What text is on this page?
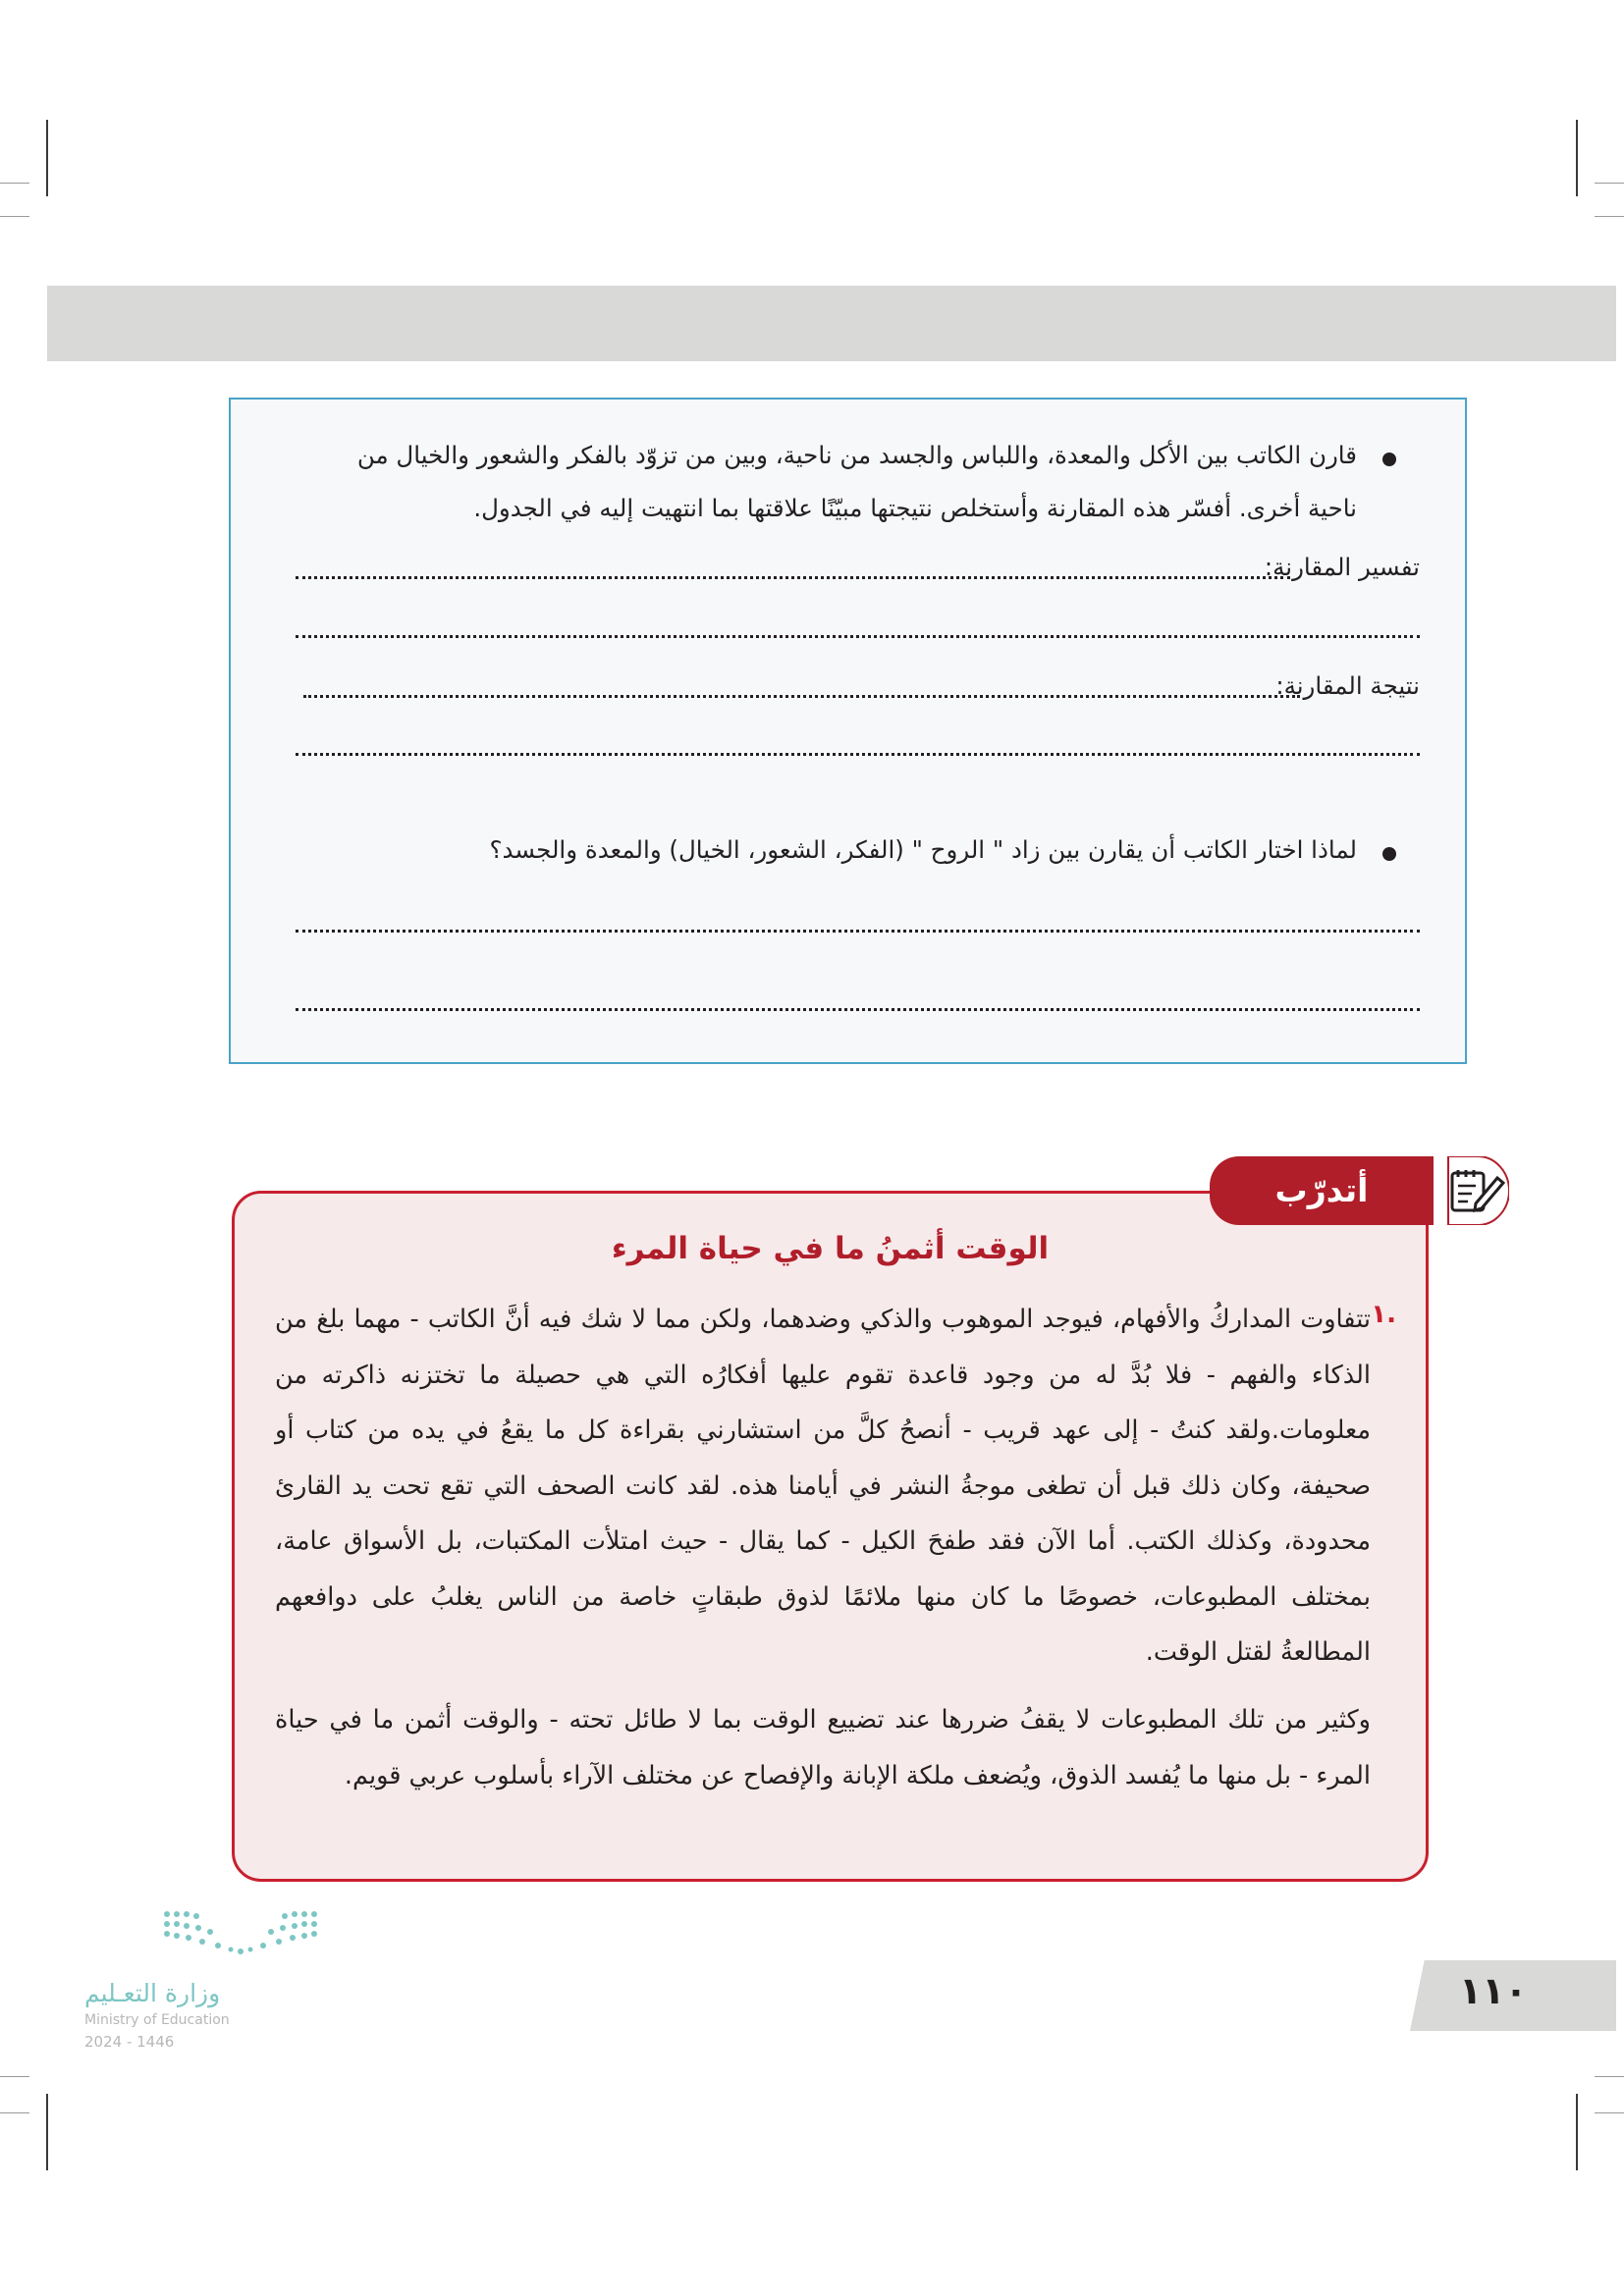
قارن الكاتب بين الأكل والمعدة، واللباس والجسد من ناحية، وبين من تزوّد بالفكر والشعور والخيال من
ناحية أخرى. أفسّر هذه المقارنة وأستخلص نتيجتها مبيّنًا علاقتها بما انتهيت إليه في الجدول.
تفسير المقارنة:
نتيجة المقارنة:
لماذا اختار الكاتب أن يقارن بين زاد " الروح " (الفكر، الشعور، الخيال) والمعدة والجسد؟
الوقت أثمنُ ما في حياة المرء
١.
تتفاوت المداركُ والأفهام، فيوجد الموهوب والذكي وضدهما، ولكن مما لا شك فيه أنَّ الكاتب - مهما بلغ من الذكاء والفهم - فلا بُدَّ له من وجود قاعدة تقوم عليها أفكارُه التي هي حصيلة ما تختزنه ذاكرته من معلومات.ولقد كنتُ - إلى عهد قريب - أنصحُ كلَّ من استشارني بقراءة كل ما يقعُ في يده من كتاب أو صحيفة، وكان ذلك قبل أن تطغى موجةُ النشر في أيامنا هذه. لقد كانت الصحف التي تقع تحت يد القارئ محدودة، وكذلك الكتب. أما الآن فقد طفحَ الكيل - كما يقال - حيث امتلأت المكتبات، بل الأسواق عامة، بمختلف المطبوعات، خصوصًا ما كان منها ملائمًا لذوق طبقاتٍ خاصة من الناس يغلبُ على دوافعهم المطالعةُ لقتل الوقت.
وكثير من تلك المطبوعات لا يقفُ ضررها عند تضييع الوقت بما لا طائل تحته - والوقت أثمن ما في حياة المرء - بل منها ما يُفسد الذوق، ويُضعف ملكة الإبانة والإفصاح عن مختلف الآراء بأسلوب عربي قويم.
أتدرّب
١١٠
وزارة التعـليم
Ministry of Education
2024 - 1446
